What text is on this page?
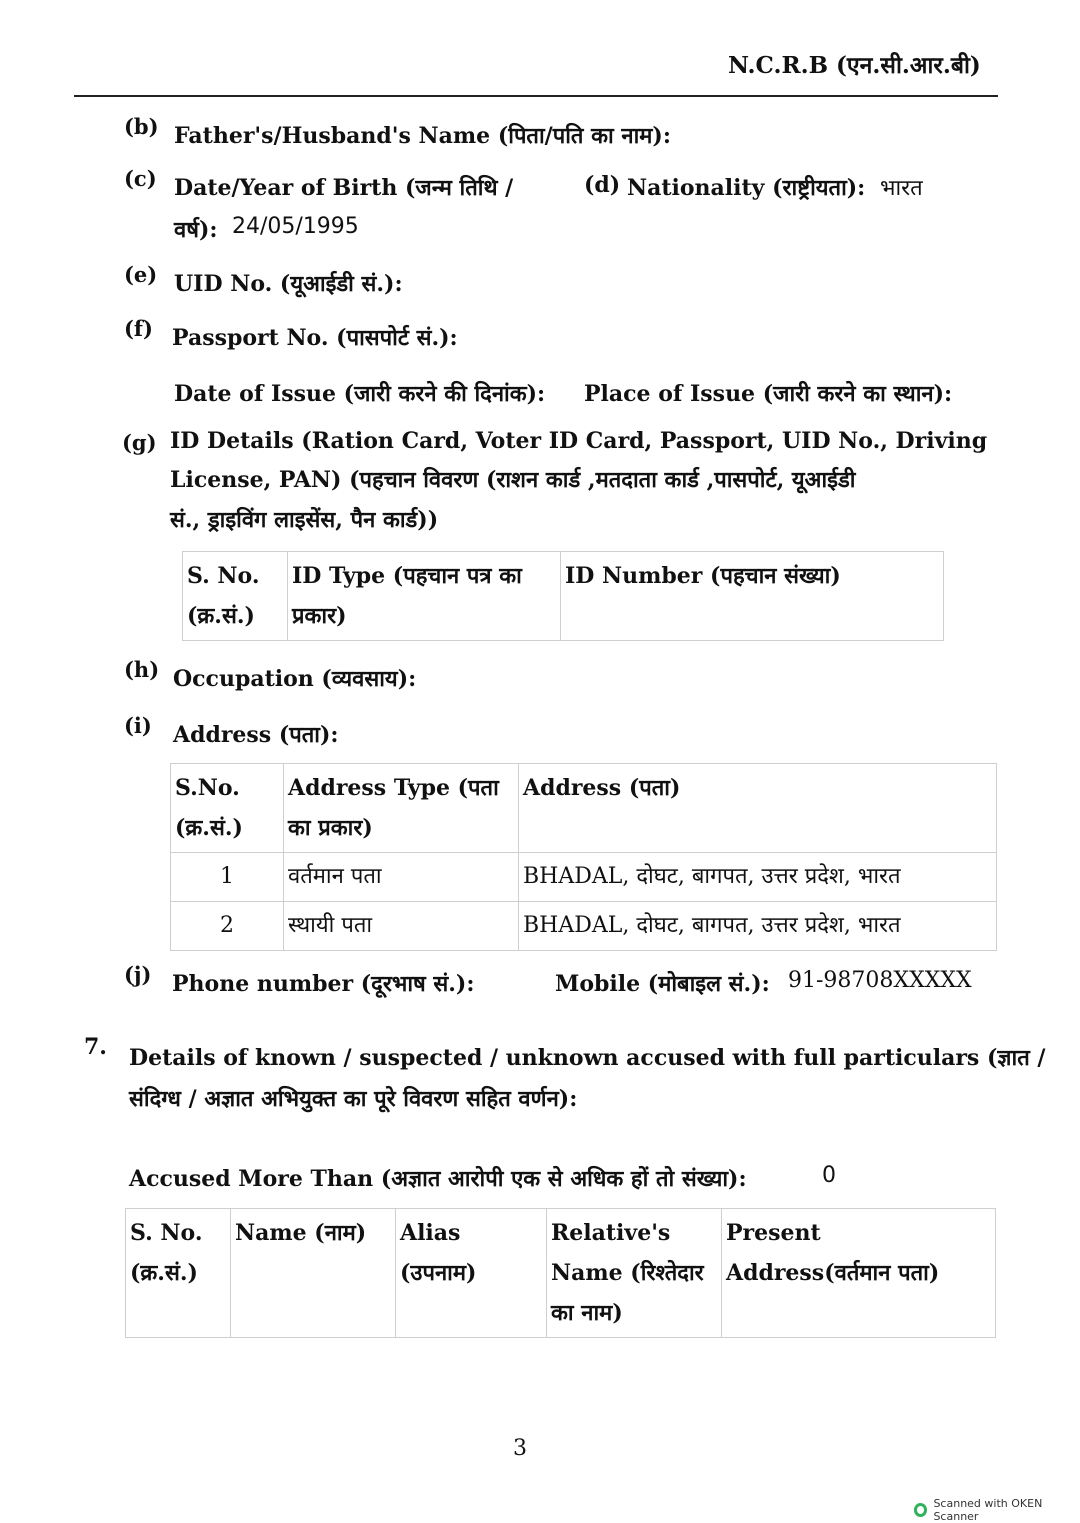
N.C.R.B (एन.सी.आर.बी)
(b) Father's/Husband's Name (पिता/पति का नाम):
(c) Date/Year of Birth (जन्म तिथि /
वर्ष): 24/05/1995
(d) Nationality (राष्ट्रीयता): भारत
(e) UID No. (यूआईडी सं.):
(f) Passport No. (पासपोर्ट सं.):
Date of Issue (जारी करने की दिनांक): Place of Issue (जारी करने का स्थान):
(g) ID Details (Ration Card, Voter ID Card, Passport, UID No., Driving
License, PAN) (पहचान विवरण (राशन कार्ड ,मतदाता कार्ड ,पासपोर्ट, यूआईडी
सं., ड्राइविंग लाइसेंस, पैन कार्ड))
S. No. (क्र.सं.)	ID Type (पहचान पत्र का प्रकार)	ID Number (पहचान संख्या)
(h) Occupation (व्यवसाय):
(i) Address (पता):
S.No. (क्र.सं.)	Address Type (पता का प्रकार)	Address (पता)
1	वर्तमान पता	BHADAL, दोघट, बागपत, उत्तर प्रदेश, भारत
2	स्थायी पता	BHADAL, दोघट, बागपत, उत्तर प्रदेश, भारत
(j) Phone number (दूरभाष सं.):	Mobile (मोबाइल सं.): 91-98708XXXXX
7. Details of known / suspected / unknown accused with full particulars (ज्ञात /
संदिग्ध / अज्ञात अभियुक्त का पूरे विवरण सहित वर्णन):
Accused More Than (अज्ञात आरोपी एक से अधिक हों तो संख्या):	0
S. No. (क्र.सं.)	Name (नाम)	Alias (उपनाम)	Relative's Name (रिश्तेदार का नाम)	Present Address(वर्तमान पता)
3
Scanned with OKEN Scanner
